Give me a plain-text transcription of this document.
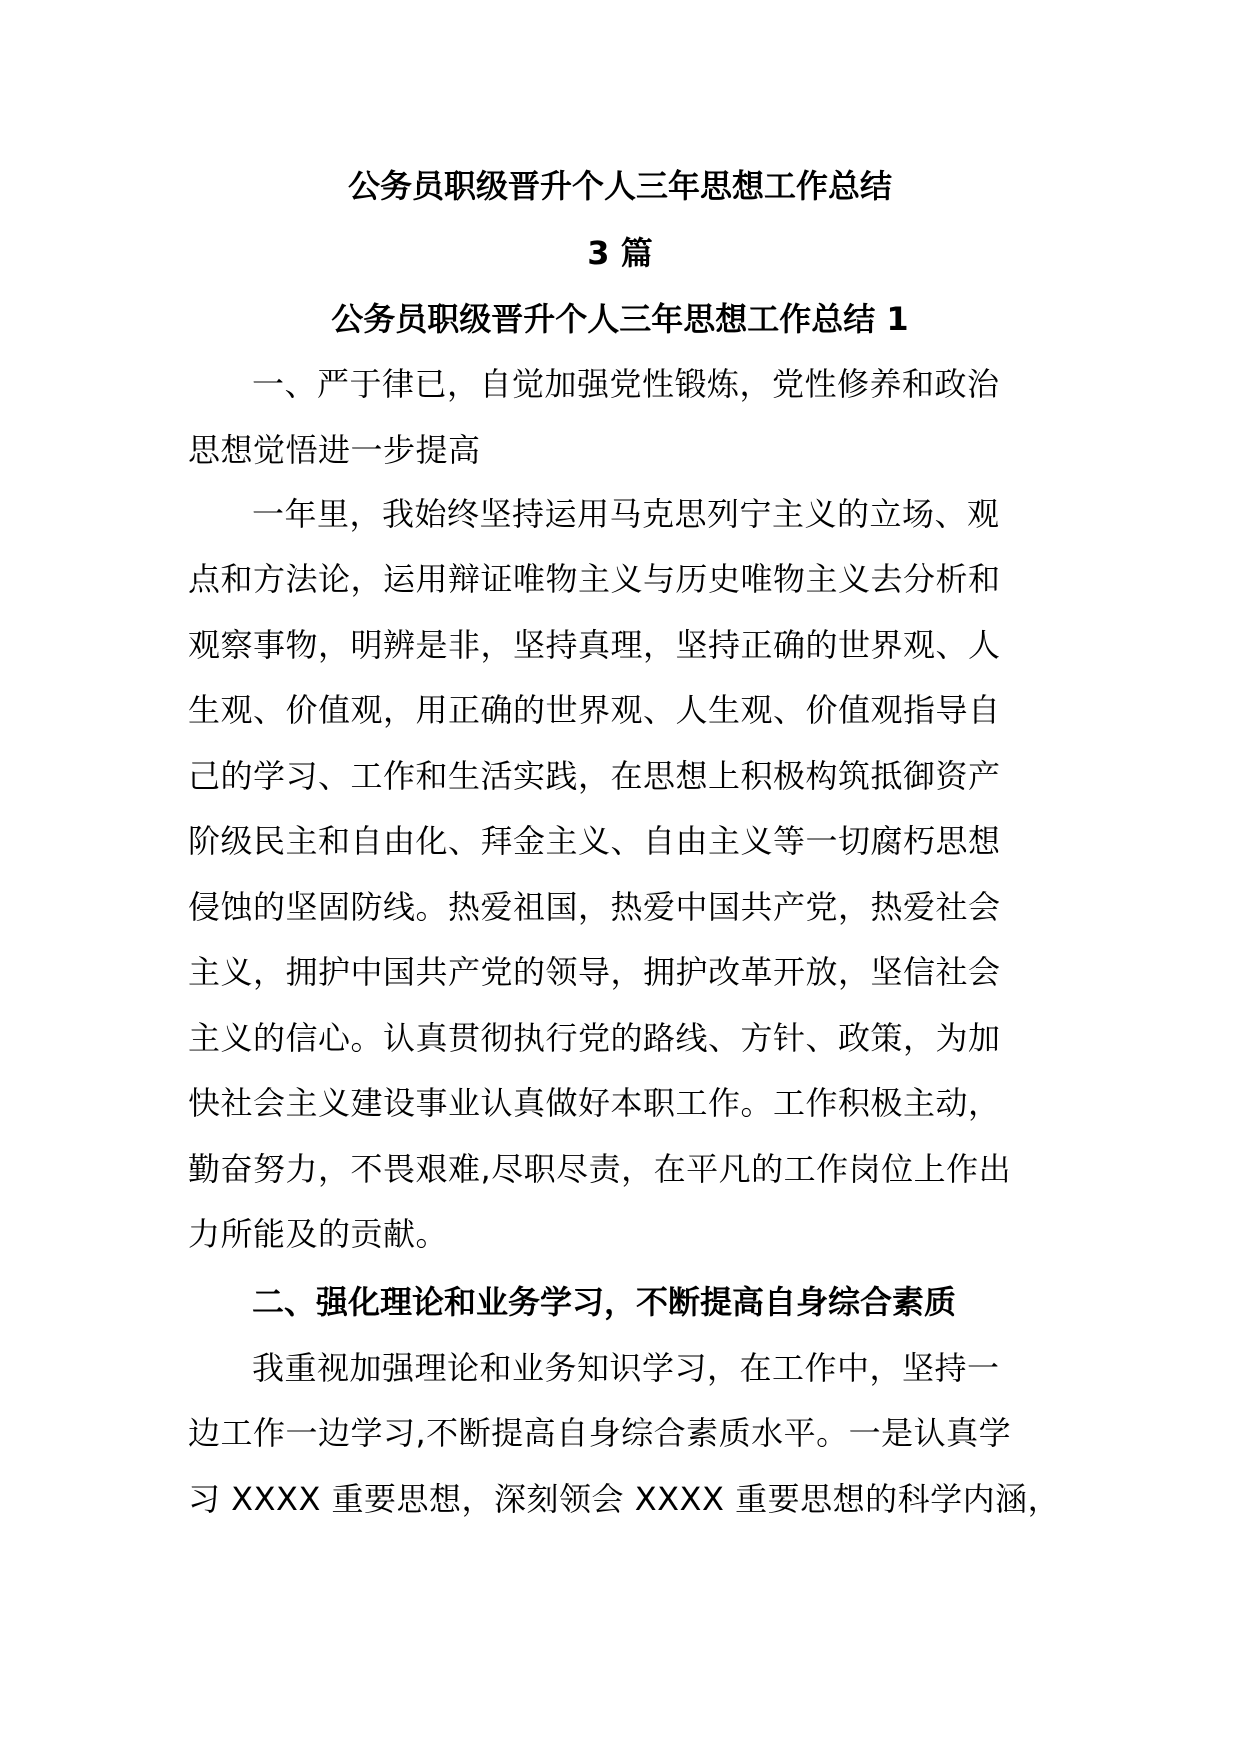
公务员职级晋升个人三年思想工作总结
3 篇
公务员职级晋升个人三年思想工作总结 1
一、严于律已，自觉加强党性锻炼，党性修养和政治
思想觉悟进一步提高
一年里，我始终坚持运用马克思列宁主义的立场、观
点和方法论，运用辩证唯物主义与历史唯物主义去分析和
观察事物，明辨是非，坚持真理，坚持正确的世界观、人
生观、价值观，用正确的世界观、人生观、价值观指导自
己的学习、工作和生活实践，在思想上积极构筑抵御资产
阶级民主和自由化、拜金主义、自由主义等一切腐朽思想
侵蚀的坚固防线。热爱祖国，热爱中国共产党，热爱社会
主义，拥护中国共产党的领导，拥护改革开放，坚信社会
主义的信心。认真贯彻执行党的路线、方针、政策，为加
快社会主义建设事业认真做好本职工作。工作积极主动，
勤奋努力，不畏艰难,尽职尽责，在平凡的工作岗位上作出
力所能及的贡献。
二、强化理论和业务学习，不断提高自身综合素质
我重视加强理论和业务知识学习，在工作中，坚持一
边工作一边学习,不断提高自身综合素质水平。一是认真学
习 XXXX 重要思想，深刻领会 XXXX 重要思想的科学内涵，
